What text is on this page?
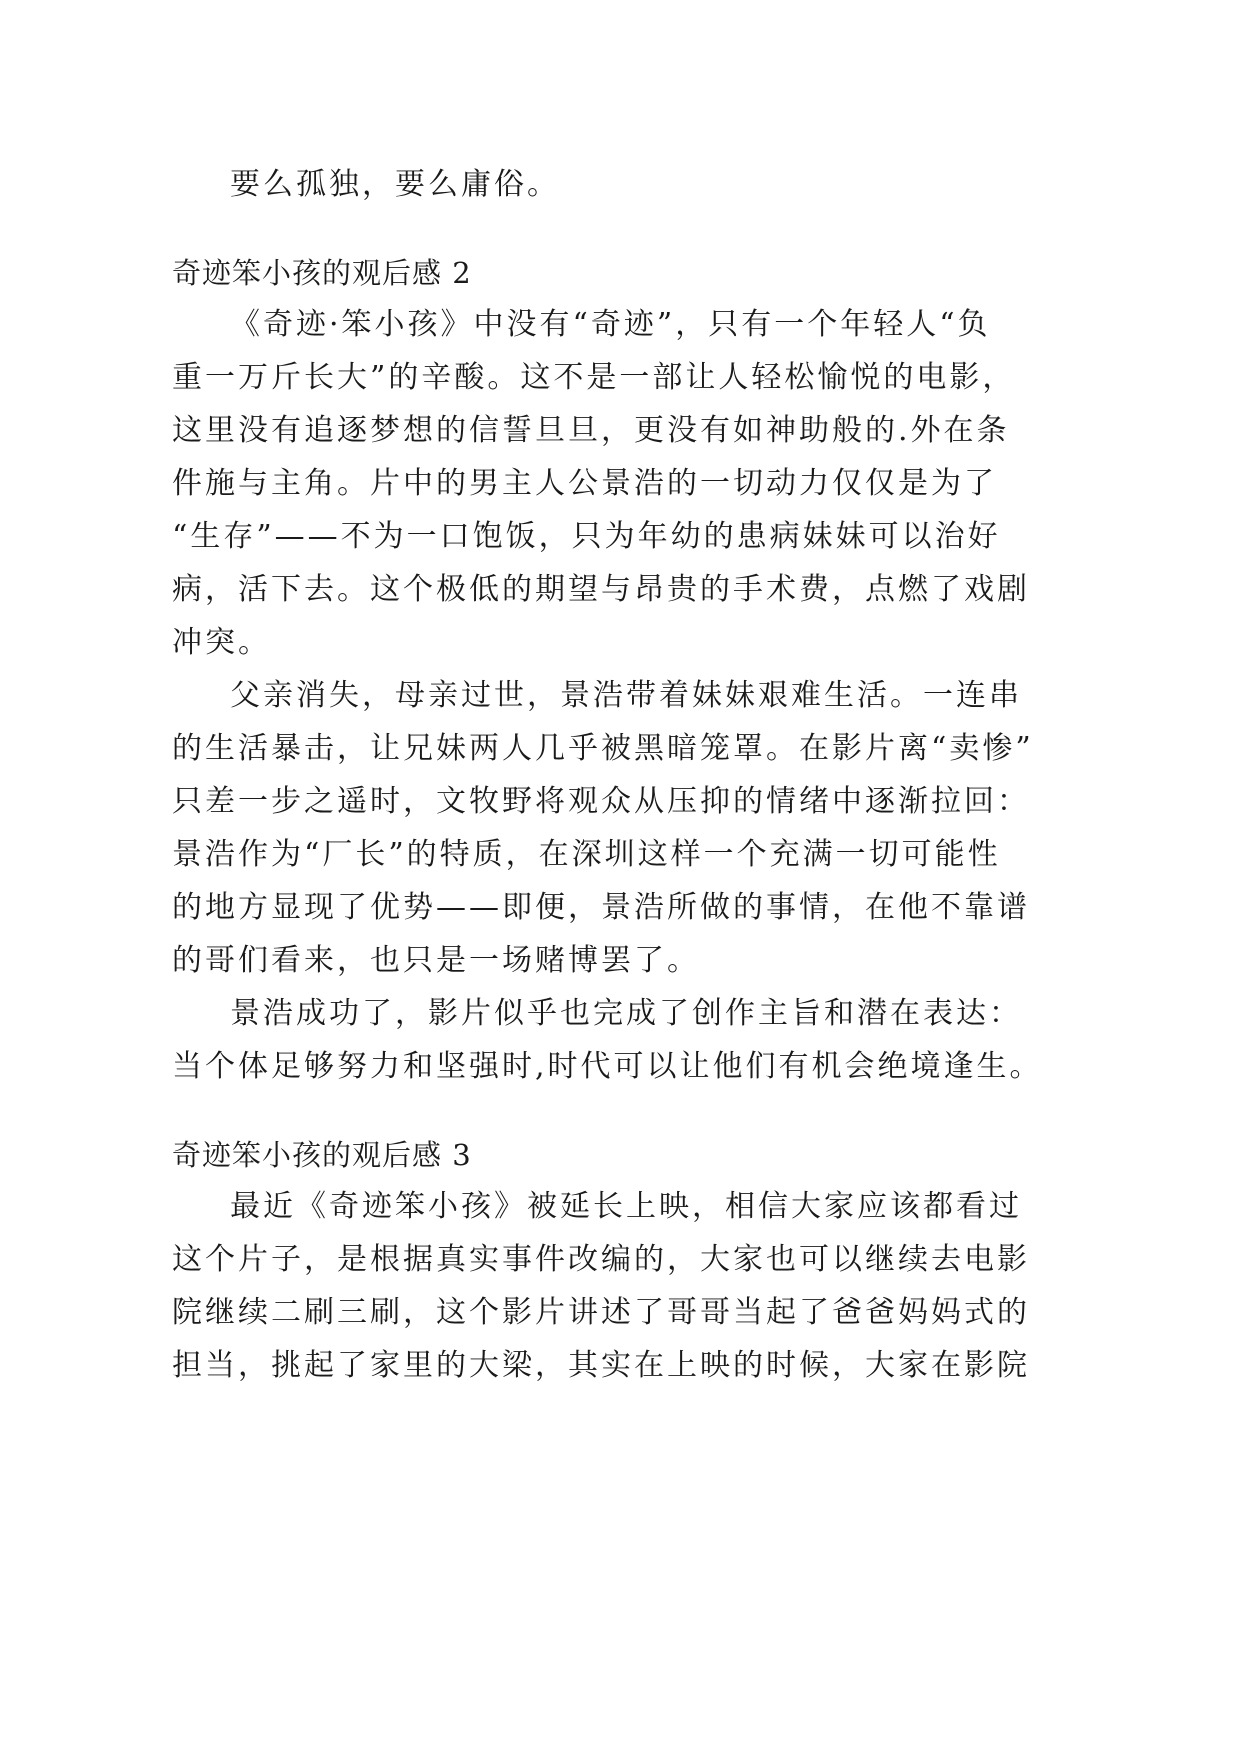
要么孤独，要么庸俗。
奇迹笨小孩的观后感 2
《奇迹·笨小孩》中没有“奇迹”，只有一个年轻人“负
重一万斤长大”的辛酸。这不是一部让人轻松愉悦的电影，
这里没有追逐梦想的信誓旦旦，更没有如神助般的.外在条
件施与主角。片中的男主人公景浩的一切动力仅仅是为了
“生存”——不为一口饱饭，只为年幼的患病妹妹可以治好
病，活下去。这个极低的期望与昂贵的手术费，点燃了戏剧
冲突。
父亲消失，母亲过世，景浩带着妹妹艰难生活。一连串
的生活暴击，让兄妹两人几乎被黑暗笼罩。在影片离“卖惨”
只差一步之遥时，文牧野将观众从压抑的情绪中逐渐拉回：
景浩作为“厂长”的特质，在深圳这样一个充满一切可能性
的地方显现了优势——即便，景浩所做的事情，在他不靠谱
的哥们看来，也只是一场赌博罢了。
景浩成功了，影片似乎也完成了创作主旨和潜在表达：
当个体足够努力和坚强时,时代可以让他们有机会绝境逢生。
奇迹笨小孩的观后感 3
最近《奇迹笨小孩》被延长上映，相信大家应该都看过
这个片子，是根据真实事件改编的，大家也可以继续去电影
院继续二刷三刷，这个影片讲述了哥哥当起了爸爸妈妈式的
担当，挑起了家里的大梁，其实在上映的时候，大家在影院
